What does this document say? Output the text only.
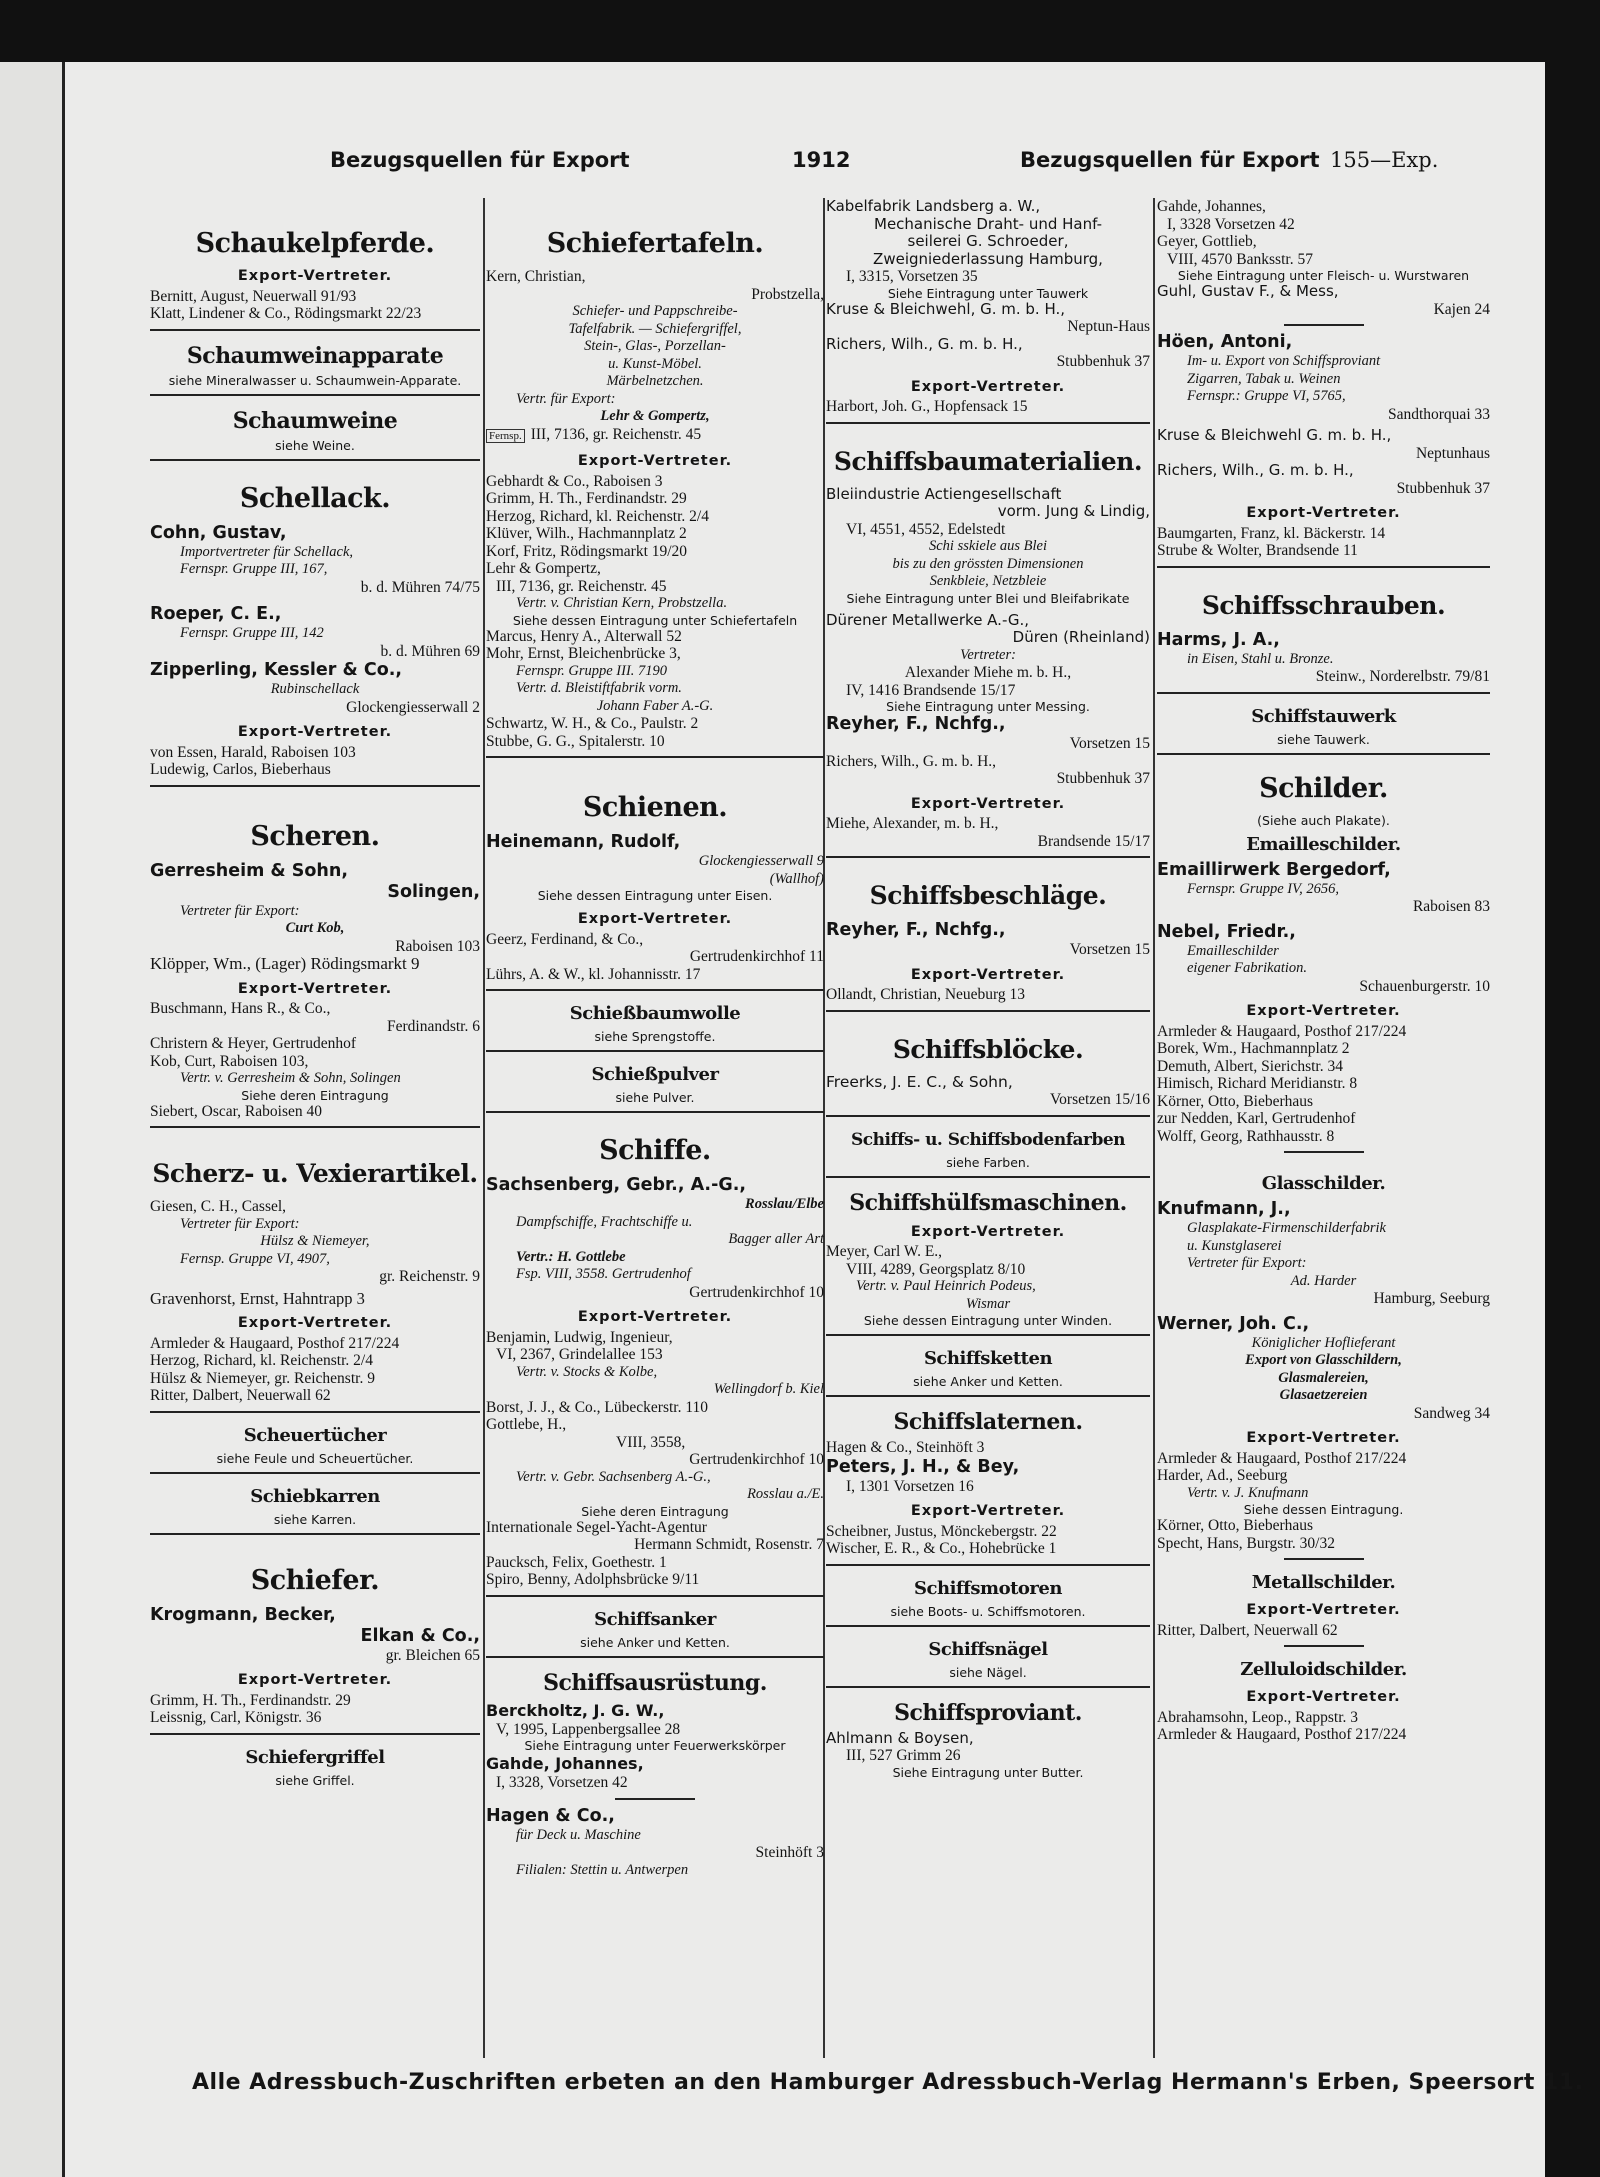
Bezugsquellen für Export	1912	Bezugsquellen für Export 155—Exp.
Schaukelpferde.
Export-Vertreter.
Bernitt, August, Neuerwall 91/93
Klatt, Lindener & Co., Rödingsmarkt 22/23
Schaumweinapparate
siehe Mineralwasser u. Schaumwein-Apparate.
Schaumweine
siehe Weine.
Schellack.
Cohn, Gustav,
Importvertreter für Schellack,
Fernspr. Gruppe III, 167,
b. d. Mühren 74/75
Roeper, C. E.,
Fernspr. Gruppe III, 142
b. d. Mühren 69
Zipperling, Kessler & Co.,
Rubinschellack
Glockengiesserwall 2
Export-Vertreter.
von Essen, Harald, Raboisen 103
Ludewig, Carlos, Bieberhaus
Scheren.
Gerresheim & Sohn,
Solingen,
Vertreter für Export:
Curt Kob,
Raboisen 103
Klöpper, Wm., (Lager) Rödingsmarkt 9
Export-Vertreter.
Buschmann, Hans R., & Co.,
Ferdinandstr. 6
Christern & Heyer, Gertrudenhof
Kob, Curt, Raboisen 103,
Vertr. v. Gerresheim & Sohn, Solingen
Siehe deren Eintragung
Siebert, Oscar, Raboisen 40
Scherz- u. Vexierartikel.
Giesen, C. H., Cassel,
Vertreter für Export:
Hülsz & Niemeyer,
Fernsp. Gruppe VI, 4907,
gr. Reichenstr. 9
Gravenhorst, Ernst, Hahntrapp 3
Export-Vertreter.
Armleder & Haugaard, Posthof 217/224
Herzog, Richard, kl. Reichenstr. 2/4
Hülsz & Niemeyer, gr. Reichenstr. 9
Ritter, Dalbert, Neuerwall 62
Scheuertücher
siehe Feule und Scheuertücher.
Schiebkarren
siehe Karren.
Schiefer.
Krogmann, Becker,
Elkan & Co.,
gr. Bleichen 65
Export-Vertreter.
Grimm, H. Th., Ferdinandstr. 29
Leissnig, Carl, Königstr. 36
Schiefergriffel
siehe Griffel.
Schiefertafeln.
Kern, Christian,
Probstzella,
Schiefer- und Pappschreibe-
Tafelfabrik. — Schiefergriffel,
Stein-, Glas-, Porzellan-
u. Kunst-Möbel.
Märbelnetzchen.
Vertr. für Export:
Lehr & Gompertz,
Fernsp. III, 7136, gr. Reichenstr. 45
Export-Vertreter.
Gebhardt & Co., Raboisen 3
Grimm, H. Th., Ferdinandstr. 29
Herzog, Richard, kl. Reichenstr. 2/4
Klüver, Wilh., Hachmannplatz 2
Korf, Fritz, Rödingsmarkt 19/20
Lehr & Gompertz,
III, 7136, gr. Reichenstr. 45
Vertr. v. Christian Kern, Probstzella.
Siehe dessen Eintragung unter Schiefertafeln
Marcus, Henry A., Alterwall 52
Mohr, Ernst, Bleichenbrücke 3,
Fernspr. Gruppe III. 7190
Vertr. d. Bleistiftfabrik vorm.
Johann Faber A.-G.
Schwartz, W. H., & Co., Paulstr. 2
Stubbe, G. G., Spitalerstr. 10
Schienen.
Heinemann, Rudolf,
Glockengiesserwall 9
(Wallhof)
Siehe dessen Eintragung unter Eisen.
Export-Vertreter.
Geerz, Ferdinand, & Co.,
Gertrudenkirchhof 11
Lührs, A. & W., kl. Johannisstr. 17
Schießbaumwolle
siehe Sprengstoffe.
Schießpulver
siehe Pulver.
Schiffe.
Sachsenberg, Gebr., A.-G.,
Rosslau/Elbe
Dampfschiffe, Frachtschiffe u.
Bagger aller Art
Vertr.: H. Gottlebe
Fsp. VIII, 3558. Gertrudenhof
Gertrudenkirchhof 10
Export-Vertreter.
Benjamin, Ludwig, Ingenieur,
VI, 2367, Grindelallee 153
Vertr. v. Stocks & Kolbe,
Wellingdorf b. Kiel
Borst, J. J., & Co., Lübeckerstr. 110
Gottlebe, H.,
VIII, 3558,
Gertrudenkirchhof 10
Vertr. v. Gebr. Sachsenberg A.-G.,
Rosslau a./E.
Siehe deren Eintragung
Internationale Segel-Yacht-Agentur
Hermann Schmidt, Rosenstr. 7
Paucksch, Felix, Goethestr. 1
Spiro, Benny, Adolphsbrücke 9/11
Schiffsanker
siehe Anker und Ketten.
Schiffsausrüstung.
Berckholtz, J. G. W.,
V, 1995, Lappenbergsallee 28
Siehe Eintragung unter Feuerwerkskörper
Gahde, Johannes,
I, 3328, Vorsetzen 42
Hagen & Co.,
für Deck u. Maschine
Steinhöft 3
Filialen: Stettin u. Antwerpen
Kabelfabrik Landsberg a. W.,
Mechanische Draht- und Hanf-
seilerei G. Schroeder,
Zweigniederlassung Hamburg,
I, 3315, Vorsetzen 35
Siehe Eintragung unter Tauwerk
Kruse & Bleichwehl, G. m. b. H.,
Neptun-Haus
Richers, Wilh., G. m. b. H.,
Stubbenhuk 37
Export-Vertreter.
Harbort, Joh. G., Hopfensack 15
Schiffsbaumaterialien.
Bleiindustrie Actiengesellschaft
vorm. Jung & Lindig,
VI, 4551, 4552, Edelstedt
Schi sskiele aus Blei
bis zu den grössten Dimensionen
Senkbleie, Netzbleie
Siehe Eintragung unter Blei und Bleifabrikate
Dürener Metallwerke A.-G.,
Düren (Rheinland)
Vertreter:
Alexander Miehe m. b. H.,
IV, 1416 Brandsende 15/17
Siehe Eintragung unter Messing.
Reyher, F., Nchfg.,
Vorsetzen 15
Richers, Wilh., G. m. b. H.,
Stubbenhuk 37
Export-Vertreter.
Miehe, Alexander, m. b. H.,
Brandsende 15/17
Schiffsbeschläge.
Reyher, F., Nchfg.,
Vorsetzen 15
Export-Vertreter.
Ollandt, Christian, Neueburg 13
Schiffsblöcke.
Freerks, J. E. C., & Sohn,
Vorsetzen 15/16
Schiffs- u. Schiffsbodenfarben
siehe Farben.
Schiffshülfsmaschinen.
Export-Vertreter.
Meyer, Carl W. E.,
VIII, 4289, Georgsplatz 8/10
Vertr. v. Paul Heinrich Podeus,
Wismar
Siehe dessen Eintragung unter Winden.
Schiffsketten
siehe Anker und Ketten.
Schiffslaternen.
Hagen & Co., Steinhöft 3
Peters, J. H., & Bey,
I, 1301 Vorsetzen 16
Export-Vertreter.
Scheibner, Justus, Mönckebergstr. 22
Wischer, E. R., & Co., Hohebrücke 1
Schiffsmotoren
siehe Boots- u. Schiffsmotoren.
Schiffsnägel
siehe Nägel.
Schiffsproviant.
Ahlmann & Boysen,
III, 527 Grimm 26
Siehe Eintragung unter Butter.
Gahde, Johannes,
I, 3328 Vorsetzen 42
Geyer, Gottlieb,
VIII, 4570 Banksstr. 57
Siehe Eintragung unter Fleisch- u. Wurstwaren
Guhl, Gustav F., & Mess,
Kajen 24
Höen, Antoni,
Im- u. Export von Schiffsproviant
Zigarren, Tabak u. Weinen
Fernspr.: Gruppe VI, 5765,
Sandthorquai 33
Kruse & Bleichwehl G. m. b. H.,
Neptunhaus
Richers, Wilh., G. m. b. H.,
Stubbenhuk 37
Export-Vertreter.
Baumgarten, Franz, kl. Bäckerstr. 14
Strube & Wolter, Brandsende 11
Schiffsschrauben.
Harms, J. A.,
in Eisen, Stahl u. Bronze.
Steinw., Norderelbstr. 79/81
Schiffstauwerk
siehe Tauwerk.
Schilder.
(Siehe auch Plakate).
Emailleschilder.
Emaillirwerk Bergedorf,
Fernspr. Gruppe IV, 2656,
Raboisen 83
Nebel, Friedr.,
Emailleschilder
eigener Fabrikation.
Schauenburgerstr. 10
Export-Vertreter.
Armleder & Haugaard, Posthof 217/224
Borek, Wm., Hachmannplatz 2
Demuth, Albert, Sierichstr. 34
Himisch, Richard Meridianstr. 8
Körner, Otto, Bieberhaus
zur Nedden, Karl, Gertrudenhof
Wolff, Georg, Rathhausstr. 8
Glasschilder.
Knufmann, J.,
Glasplakate-Firmenschilderfabrik
u. Kunstglaserei
Vertreter für Export:
Ad. Harder
Hamburg, Seeburg
Werner, Joh. C.,
Königlicher Hoflieferant
Export von Glasschildern,
Glasmalereien,
Glasaetzereien
Sandweg 34
Export-Vertreter.
Armleder & Haugaard, Posthof 217/224
Harder, Ad., Seeburg
Vertr. v. J. Knufmann
Siehe dessen Eintragung.
Körner, Otto, Bieberhaus
Specht, Hans, Burgstr. 30/32
Metallschilder.
Export-Vertreter.
Ritter, Dalbert, Neuerwall 62
Zelluloidschilder.
Export-Vertreter.
Abrahamsohn, Leop., Rappstr. 3
Armleder & Haugaard, Posthof 217/224
Alle Adressbuch-Zuschriften erbeten an den Hamburger Adressbuch-Verlag Hermann's Erben, Speersort 11.
